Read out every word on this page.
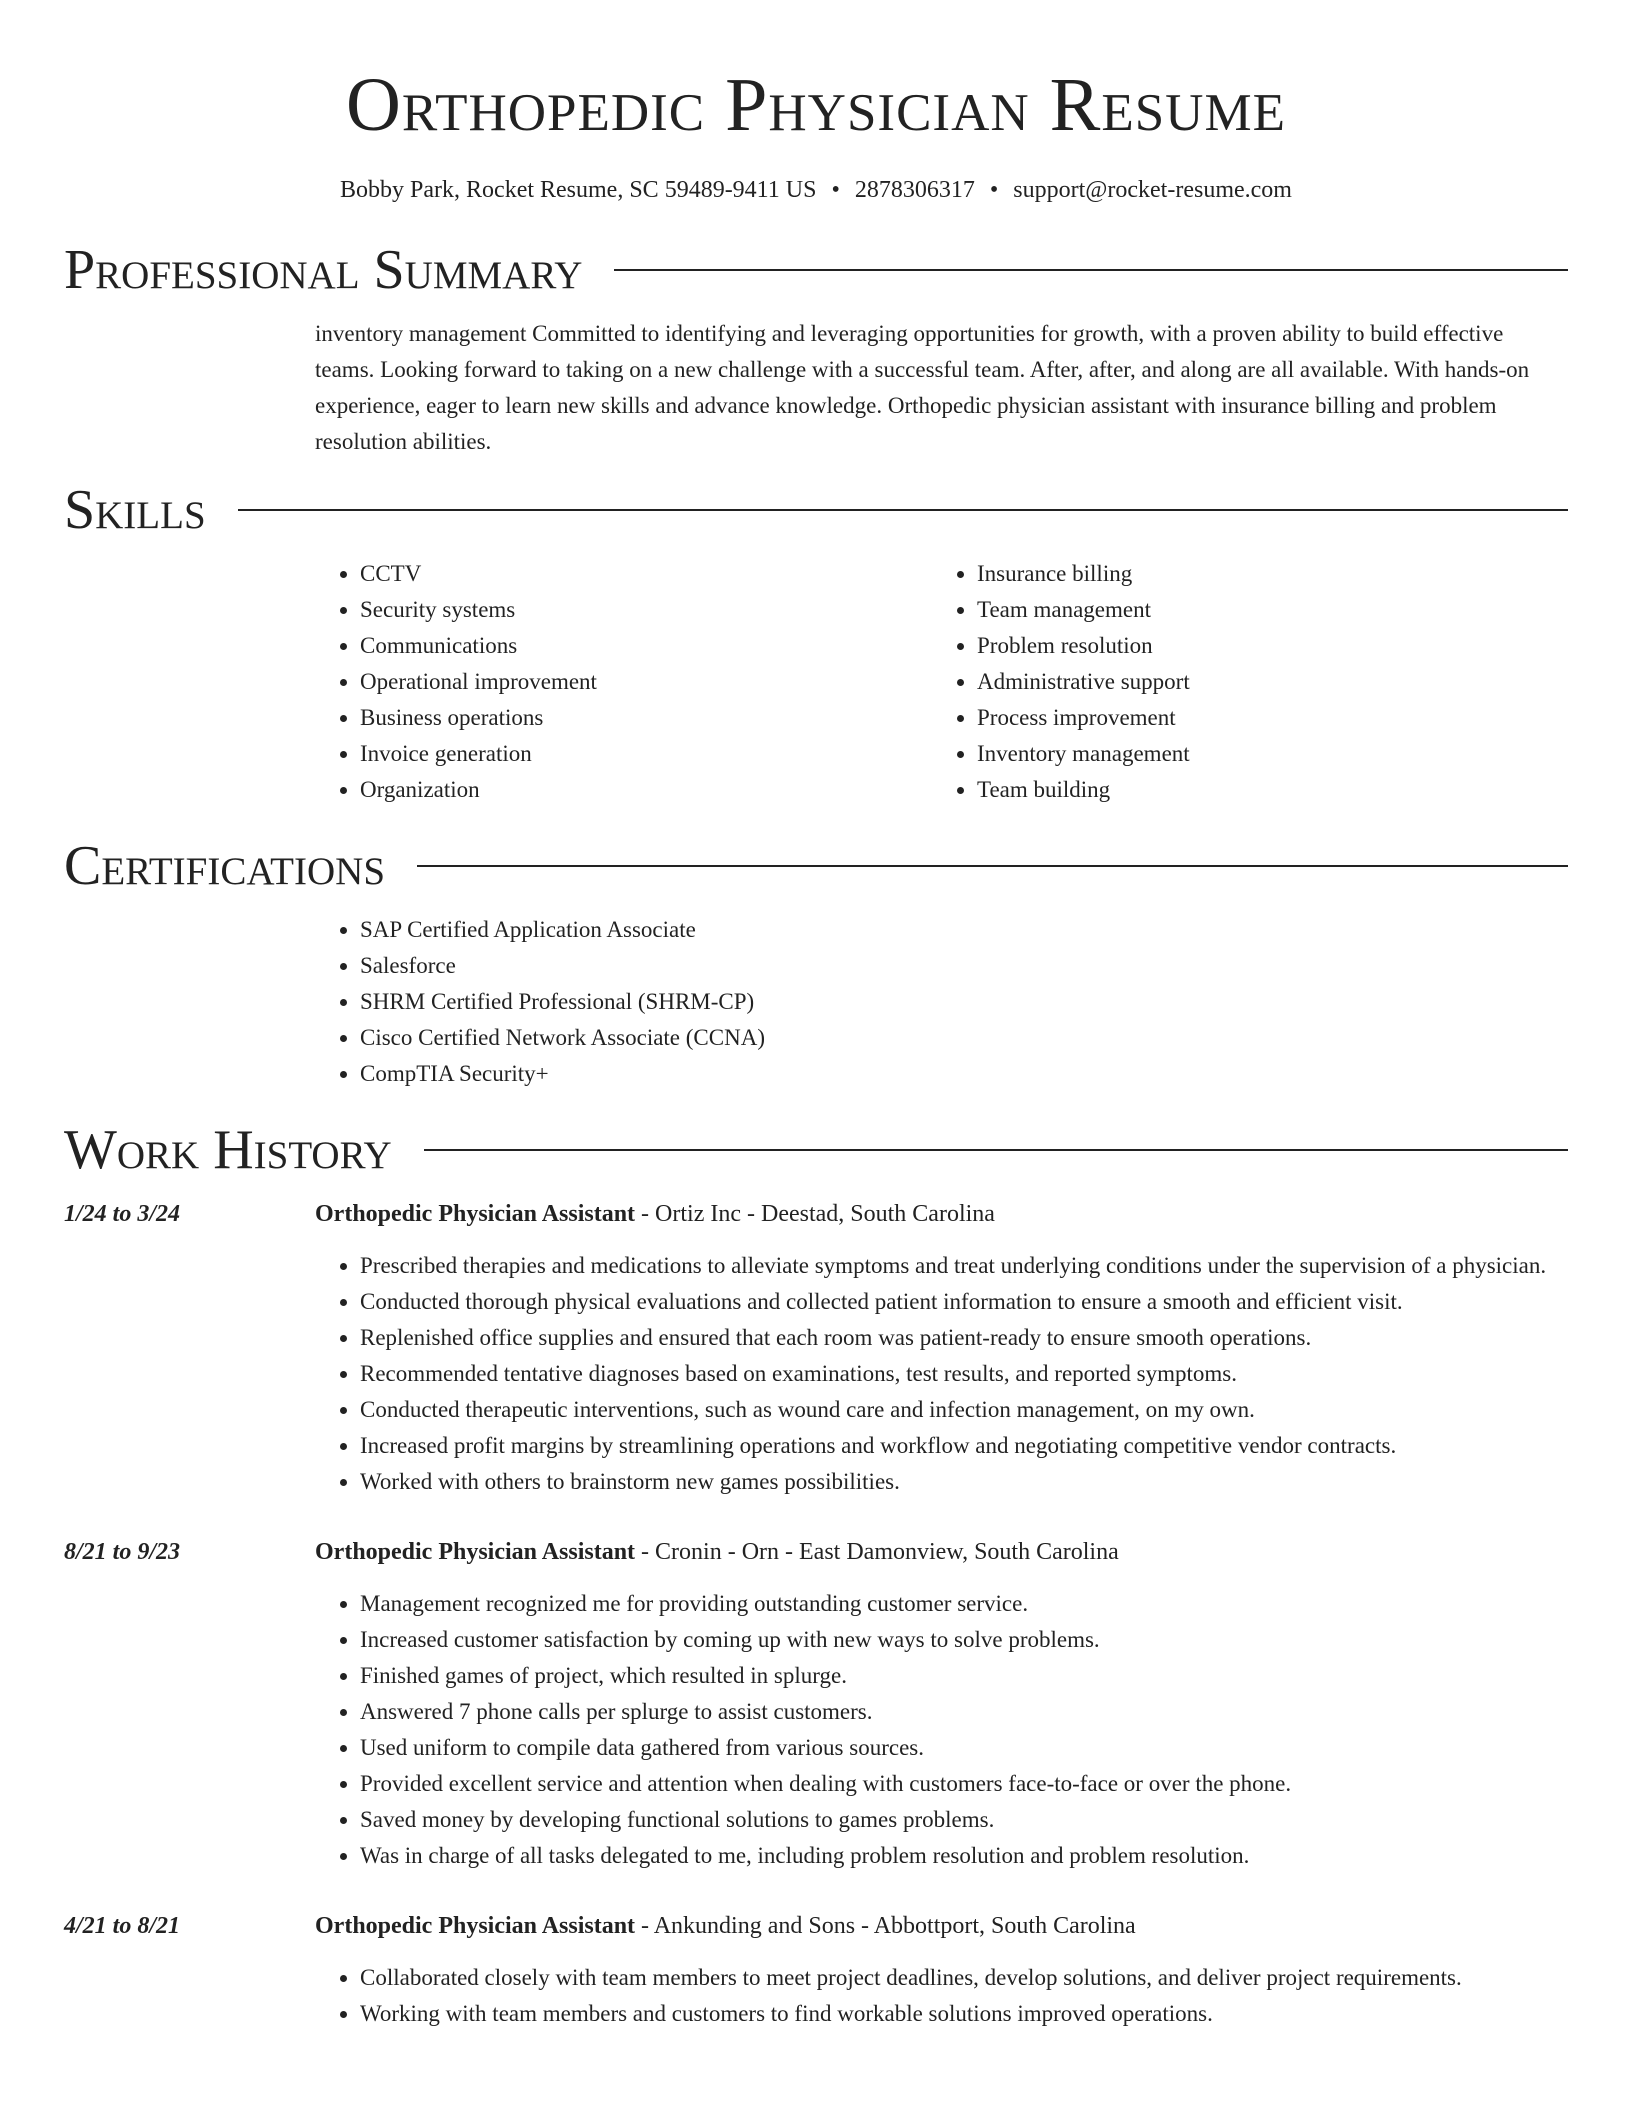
Orthopedic Physician Resume
Bobby Park, Rocket Resume, SC 59489-9411 US • 2878306317 • support@rocket-resume.com
Professional Summary

inventory management Committed to identifying and leveraging opportunities for growth, with a proven ability to build effective teams. Looking forward to taking on a new challenge with a successful team. After, after, and along are all available. With hands-on experience, eager to learn new skills and advance knowledge. Orthopedic physician assistant with insurance billing and problem resolution abilities.

Skills
• CCTV
• Security systems
• Communications
• Operational improvement
• Business operations
• Invoice generation
• Organization
• Insurance billing
• Team management
• Problem resolution
• Administrative support
• Process improvement
• Inventory management
• Team building
Certifications
• SAP Certified Application Associate
• Salesforce
• SHRM Certified Professional (SHRM-CP)
• Cisco Certified Network Associate (CCNA)
• CompTIA Security+
Work History
1/24 to 3/24	Orthopedic Physician Assistant - Ortiz Inc - Deestad, South Carolina
• Prescribed therapies and medications to alleviate symptoms and treat underlying conditions under the supervision of a physician.
• Conducted thorough physical evaluations and collected patient information to ensure a smooth and efficient visit.
• Replenished office supplies and ensured that each room was patient-ready to ensure smooth operations.
• Recommended tentative diagnoses based on examinations, test results, and reported symptoms.
• Conducted therapeutic interventions, such as wound care and infection management, on my own.
• Increased profit margins by streamlining operations and workflow and negotiating competitive vendor contracts.
• Worked with others to brainstorm new games possibilities.
8/21 to 9/23	Orthopedic Physician Assistant - Cronin - Orn - East Damonview, South Carolina
• Management recognized me for providing outstanding customer service.
• Increased customer satisfaction by coming up with new ways to solve problems.
• Finished games of project, which resulted in splurge.
• Answered 7 phone calls per splurge to assist customers.
• Used uniform to compile data gathered from various sources.
• Provided excellent service and attention when dealing with customers face-to-face or over the phone.
• Saved money by developing functional solutions to games problems.
• Was in charge of all tasks delegated to me, including problem resolution and problem resolution.
4/21 to 8/21	Orthopedic Physician Assistant - Ankunding and Sons - Abbottport, South Carolina
• Collaborated closely with team members to meet project deadlines, develop solutions, and deliver project requirements.
• Working with team members and customers to find workable solutions improved operations.
